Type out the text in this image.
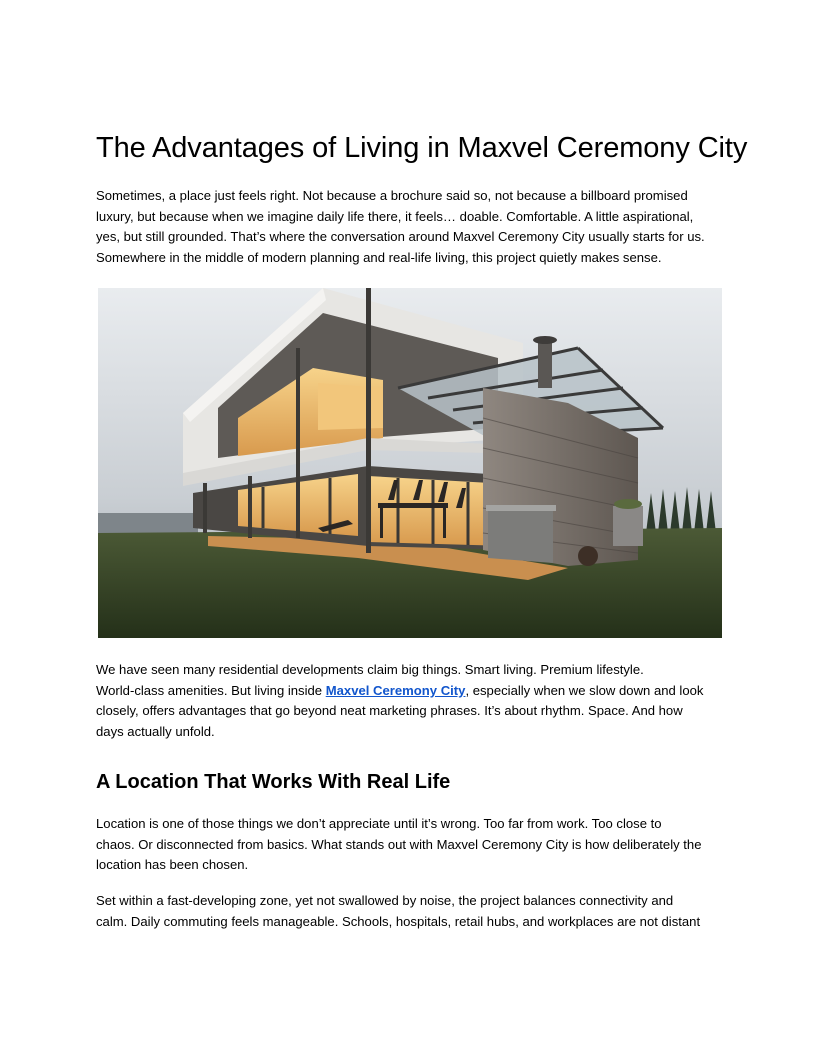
The Advantages of Living in Maxvel Ceremony City

Sometimes, a place just feels right. Not because a brochure said so, not because a billboard promised
luxury, but because when we imagine daily life there, it feels… doable. Comfortable. A little aspirational,
yes, but still grounded. That’s where the conversation around Maxvel Ceremony City usually starts for us.
Somewhere in the middle of modern planning and real-life living, this project quietly makes sense.

We have seen many residential developments claim big things. Smart living. Premium lifestyle.
World-class amenities. But living inside Maxvel Ceremony City, especially when we slow down and look
closely, offers advantages that go beyond neat marketing phrases. It’s about rhythm. Space. And how
days actually unfold.

A Location That Works With Real Life

Location is one of those things we don’t appreciate until it’s wrong. Too far from work. Too close to
chaos. Or disconnected from basics. What stands out with Maxvel Ceremony City is how deliberately the
location has been chosen.

Set within a fast-developing zone, yet not swallowed by noise, the project balances connectivity and
calm. Daily commuting feels manageable. Schools, hospitals, retail hubs, and workplaces are not distant
